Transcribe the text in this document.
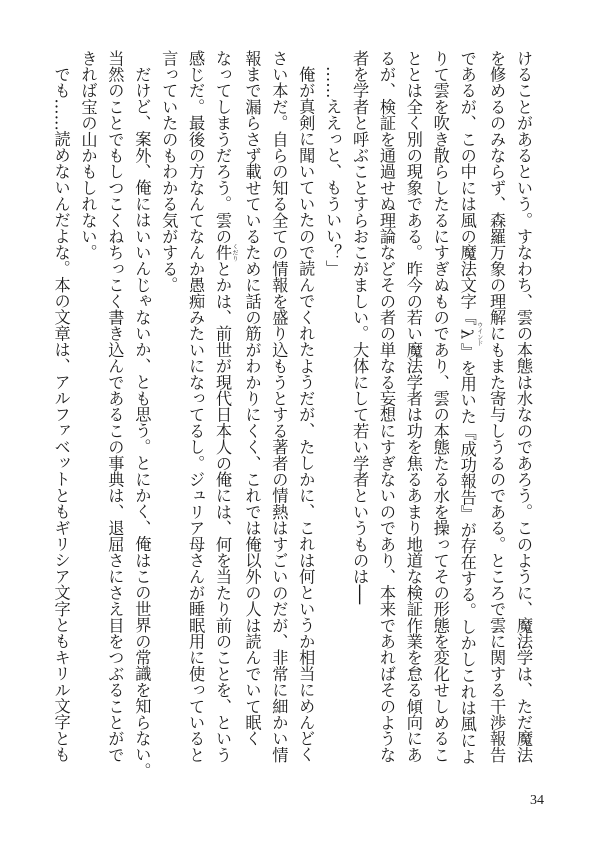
けることがあるという。すなわち、雲の本態は水なのであろう。このように、魔法学は、ただ魔法
を修めるのみならず、森羅万象の理解にもまた寄与しうるのである。ところで雲に関する干渉報告
であるが、この中には風の魔法文字『λ ウインド』を用いた『成功報告』が存在する。しかしこれは風によ
りて雲を吹き散らしたるにすぎぬものであり、雲の本態たる水を操ってその形態を変化せしめるこ
ととは全く別の現象である。昨今の若い魔法学者は功を焦るあまり地道な検証作業を怠る傾向にあ
るが、検証を通過せぬ理論などその者の単なる妄想にすぎないのであり、本来であればそのような
者を学者と呼ぶことすらおこがましい。大体にして若い学者というものは──
……ええっと、もういい？」
俺が真剣に聞いていたので読んでくれたようだが、たしかに、これは何というか相当にめんどく
さい本だ。自らの知る全ての情報を盛り込もうとする著者の情熱はすごいのだが、非常に細かい情
報まで漏らさず載せているために話の筋がわかりにくく、これでは俺以外の人は読んでいて眠く
なってしまうだろう。雲の件 くだりとかは、前世が現代日本人の俺には、何を当たり前のことを、という
感じだ。最後の方なんてなんか愚痴みたいになってるし。ジュリア母さんが睡眠用に使っていると
言っていたのもわかる気がする。
だけど、案外、俺にはいいんじゃないか、とも思う。とにかく、俺はこの世界の常識を知らない。
当然のことでもしつこくねちっこく書き込んであるこの事典は、退屈さにさえ目をつぶることがで
きれば宝の山かもしれない。
でも……読めないんだよな。本の文章は、アルファベットともギリシア文字ともキリル文字とも
34
